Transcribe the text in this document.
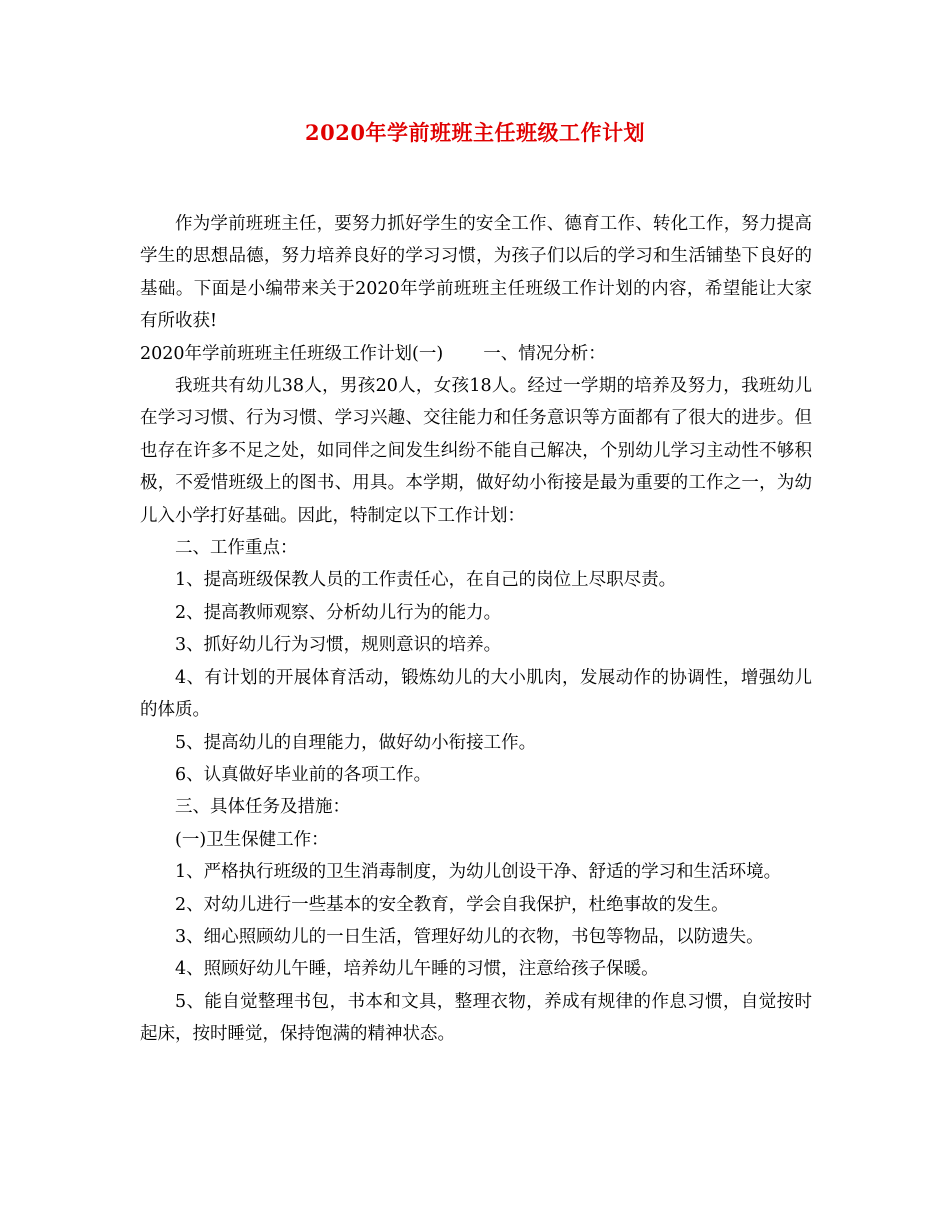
2020年学前班班主任班级工作计划

作为学前班班主任，要努力抓好学生的安全工作、德育工作、转化工作，努力提高学生的思想品德，努力培养良好的学习习惯，为孩子们以后的学习和生活铺垫下良好的基础。下面是小编带来关于2020年学前班班主任班级工作计划的内容，希望能让大家有所收获!

2020年学前班班主任班级工作计划(一) 一、情况分析：

我班共有幼儿38人，男孩20人，女孩18人。经过一学期的培养及努力，我班幼儿在学习习惯、行为习惯、学习兴趣、交往能力和任务意识等方面都有了很大的进步。但也存在许多不足之处，如同伴之间发生纠纷不能自己解决，个别幼儿学习主动性不够积极，不爱惜班级上的图书、用具。本学期，做好幼小衔接是最为重要的工作之一，为幼儿入小学打好基础。因此，特制定以下工作计划：

二、工作重点：

1、提高班级保教人员的工作责任心，在自己的岗位上尽职尽责。

2、提高教师观察、分析幼儿行为的能力。

3、抓好幼儿行为习惯，规则意识的培养。

4、有计划的开展体育活动，锻炼幼儿的大小肌肉，发展动作的协调性，增强幼儿的体质。

5、提高幼儿的自理能力，做好幼小衔接工作。

6、认真做好毕业前的各项工作。

三、具体任务及措施：

(一)卫生保健工作：

1、严格执行班级的卫生消毒制度，为幼儿创设干净、舒适的学习和生活环境。

2、对幼儿进行一些基本的安全教育，学会自我保护，杜绝事故的发生。

3、细心照顾幼儿的一日生活，管理好幼儿的衣物，书包等物品，以防遗失。

4、照顾好幼儿午睡，培养幼儿午睡的习惯，注意给孩子保暖。

5、能自觉整理书包，书本和文具，整理衣物，养成有规律的作息习惯，自觉按时起床，按时睡觉，保持饱满的精神状态。
